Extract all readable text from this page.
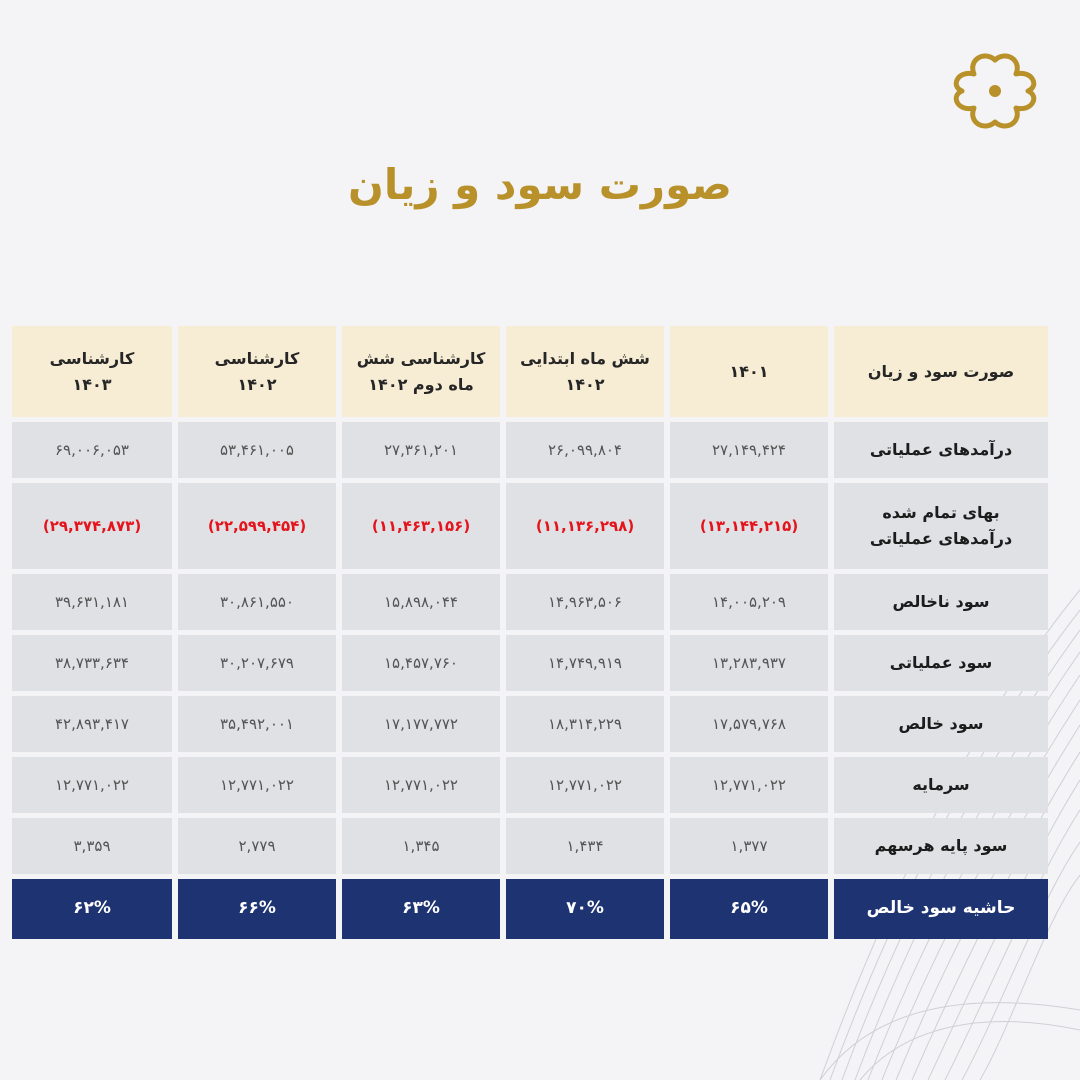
صورت سود و زیان
صورت سود و زیان
۱۴۰۱
شش ماه ابتدایی
۱۴۰۲
کارشناسی شش
ماه دوم ۱۴۰۲
کارشناسی
۱۴۰۲
کارشناسی
۱۴۰۳
درآمدهای عملیاتی
۲۷,۱۴۹,۴۲۴
۲۶,۰۹۹,۸۰۴
۲۷,۳۶۱,۲۰۱
۵۳,۴۶۱,۰۰۵
۶۹,۰۰۶,۰۵۳
بهای تمام شده
درآمدهای عملیاتی
(۱۳,۱۴۴,۲۱۵)
(۱۱,۱۳۶,۲۹۸)
(۱۱,۴۶۳,۱۵۶)
(۲۲,۵۹۹,۴۵۴)
(۲۹,۳۷۴,۸۷۳)
سود ناخالص
۱۴,۰۰۵,۲۰۹
۱۴,۹۶۳,۵۰۶
۱۵,۸۹۸,۰۴۴
۳۰,۸۶۱,۵۵۰
۳۹,۶۳۱,۱۸۱
سود عملیاتی
۱۳,۲۸۳,۹۳۷
۱۴,۷۴۹,۹۱۹
۱۵,۴۵۷,۷۶۰
۳۰,۲۰۷,۶۷۹
۳۸,۷۳۳,۶۳۴
سود خالص
۱۷,۵۷۹,۷۶۸
۱۸,۳۱۴,۲۲۹
۱۷,۱۷۷,۷۷۲
۳۵,۴۹۲,۰۰۱
۴۲,۸۹۳,۴۱۷
سرمایه
۱۲,۷۷۱,۰۲۲
۱۲,۷۷۱,۰۲۲
۱۲,۷۷۱,۰۲۲
۱۲,۷۷۱,۰۲۲
۱۲,۷۷۱,۰۲۲
سود پایه هرسهم
۱,۳۷۷
۱,۴۳۴
۱,۳۴۵
۲,۷۷۹
۳,۳۵۹
حاشیه سود خالص
۶۵%
۷۰%
۶۳%
۶۶%
۶۲%
